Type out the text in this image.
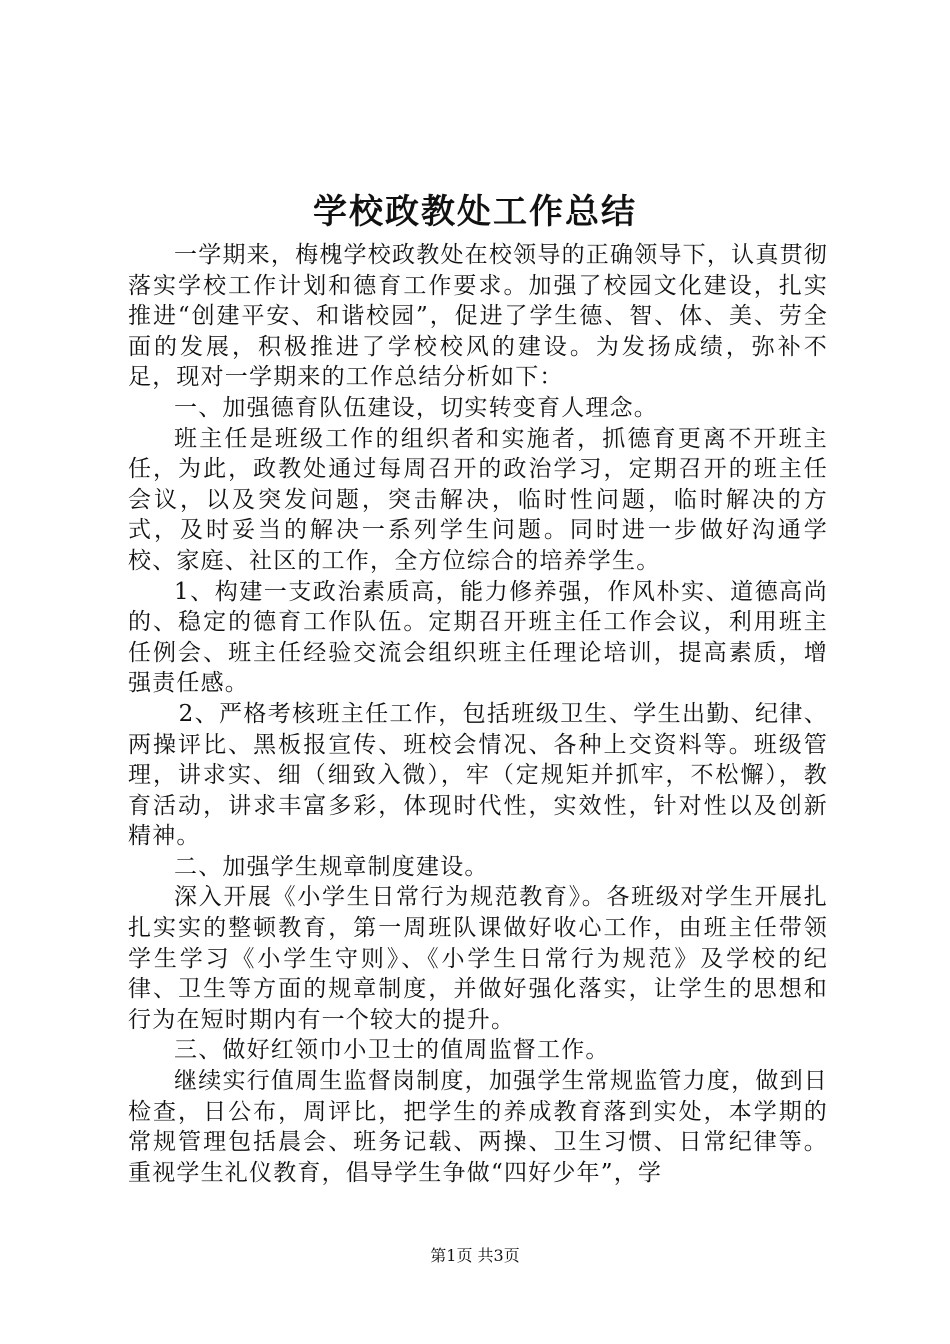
学校政教处工作总结

一学期来，梅槐学校政教处在校领导的正确领导下，认真贯彻落实学校工作计划和德育工作要求。加强了校园文化建设，扎实推进“创建平安、和谐校园”，促进了学生德、智、体、美、劳全面的发展，积极推进了学校校风的建设。为发扬成绩，弥补不足，现对一学期来的工作总结分析如下：

一、加强德育队伍建设，切实转变育人理念。

班主任是班级工作的组织者和实施者，抓德育更离不开班主任，为此，政教处通过每周召开的政治学习，定期召开的班主任会议，以及突发问题，突击解决，临时性问题，临时解决的方式，及时妥当的解决一系列学生问题。同时进一步做好沟通学校、家庭、社区的工作，全方位综合的培养学生。

1、构建一支政治素质高，能力修养强，作风朴实、道德高尚的、稳定的德育工作队伍。定期召开班主任工作会议，利用班主任例会、班主任经验交流会组织班主任理论培训，提高素质，增强责任感。

2、严格考核班主任工作，包括班级卫生、学生出勤、纪律、两操评比、黑板报宣传、班校会情况、各种上交资料等。班级管理，讲求实、细（细致入微），牢（定规矩并抓牢，不松懈），教育活动，讲求丰富多彩，体现时代性，实效性，针对性以及创新精神。

二、加强学生规章制度建设。

深入开展《小学生日常行为规范教育》。各班级对学生开展扎扎实实的整顿教育，第一周班队课做好收心工作，由班主任带领学生学习《小学生守则》、《小学生日常行为规范》及学校的纪律、卫生等方面的规章制度，并做好强化落实，让学生的思想和行为在短时期内有一个较大的提升。

三、做好红领巾小卫士的值周监督工作。

继续实行值周生监督岗制度，加强学生常规监管力度，做到日检查，日公布，周评比，把学生的养成教育落到实处，本学期的常规管理包括晨会、班务记载、两操、卫生习惯、日常纪律等。重视学生礼仪教育，倡导学生争做“四好少年”，学

第1页 共3页
